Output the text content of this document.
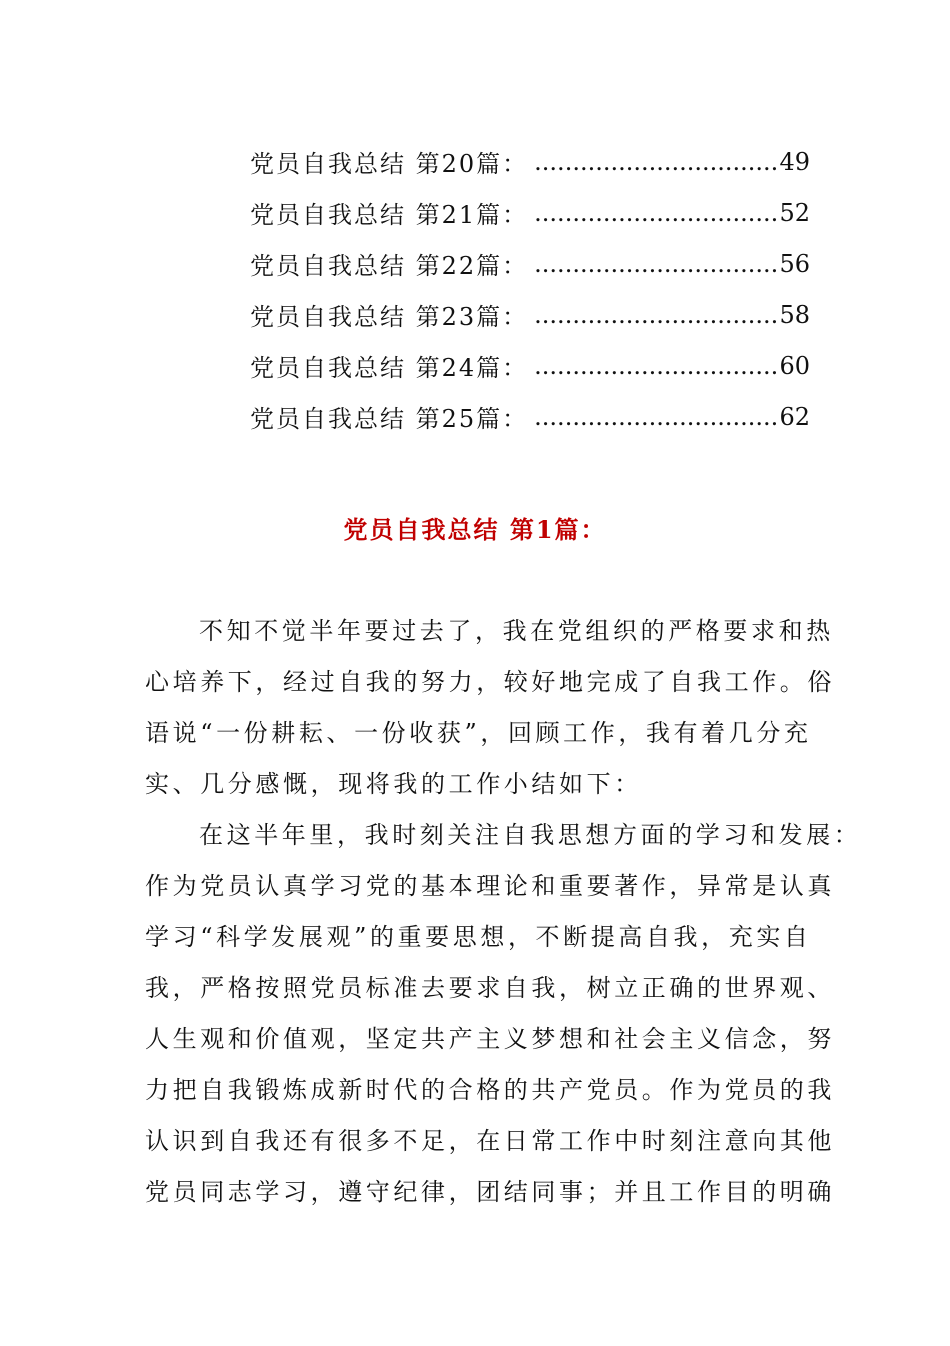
党员自我总结 第20篇： .....	49
党员自我总结 第21篇： .....	52
党员自我总结 第22篇： .....	56
党员自我总结 第23篇： .....	58
党员自我总结 第24篇： .....	60
党员自我总结 第25篇： .....	62
党员自我总结 第1篇：

不知不觉半年要过去了，我在党组织的严格要求和热
心培养下，经过自我的努力，较好地完成了自我工作。俗
语说“一份耕耘、一份收获”，回顾工作，我有着几分充
实、几分感慨，现将我的工作小结如下：

在这半年里，我时刻关注自我思想方面的学习和发展：
作为党员认真学习党的基本理论和重要著作，异常是认真
学习“科学发展观”的重要思想，不断提高自我，充实自
我，严格按照党员标准去要求自我，树立正确的世界观、
人生观和价值观，坚定共产主义梦想和社会主义信念，努
力把自我锻炼成新时代的合格的共产党员。作为党员的我
认识到自我还有很多不足，在日常工作中时刻注意向其他
党员同志学习，遵守纪律，团结同事；并且工作目的明确
